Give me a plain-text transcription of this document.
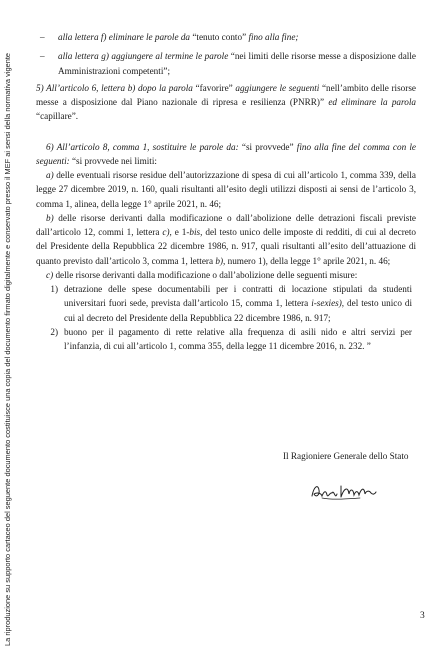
La riproduzione su supporto cartaceo del seguente documento costituisce una copia del documento firmato digitalmente e conservato presso il MEF ai sensi della normativa vigente
–	alla lettera f) eliminare le parole da “tenuto conto” fino alla fine;
–	alla lettera g) aggiungere al termine le parole “nei limiti delle risorse messe a disposizione dalle Amministrazioni competenti”;

5) All’articolo 6, lettera b) dopo la parola “favorire” aggiungere le seguenti “nell’ambito delle risorse messe a disposizione dal Piano nazionale di ripresa e resilienza (PNRR)” ed eliminare la parola “capillare”.

6) All’articolo 8, comma 1, sostituire le parole da: “si provvede” fino alla fine del comma con le seguenti: “si provvede nei limiti:

a) delle eventuali risorse residue dell’autorizzazione di spesa di cui all’articolo 1, comma 339, della legge 27 dicembre 2019, n. 160, quali risultanti all’esito degli utilizzi disposti ai sensi de l’articolo 3, comma 1, alinea, della legge 1° aprile 2021, n. 46;

b) delle risorse derivanti dalla modificazione o dall’abolizione delle detrazioni fiscali previste dall’articolo 12, commi 1, lettera c), e 1-bis, del testo unico delle imposte di redditi, di cui al decreto del Presidente della Repubblica 22 dicembre 1986, n. 917, quali risultanti all’esito dell’attuazione di quanto previsto dall’articolo 3, comma 1, lettera b), numero 1), della legge 1° aprile 2021, n. 46;

c) delle risorse derivanti dalla modificazione o dall’abolizione delle seguenti misure:

1) detrazione delle spese documentabili per i contratti di locazione stipulati da studenti universitari fuori sede, prevista dall’articolo 15, comma 1, lettera i-sexies), del testo unico di cui al decreto del Presidente della Repubblica 22 dicembre 1986, n. 917;
2) buono per il pagamento di rette relative alla frequenza di asili nido e altri servizi per l’infanzia, di cui all’articolo 1, comma 355, della legge 11 dicembre 2016, n. 232. ”
Il Ragioniere Generale dello Stato
3
